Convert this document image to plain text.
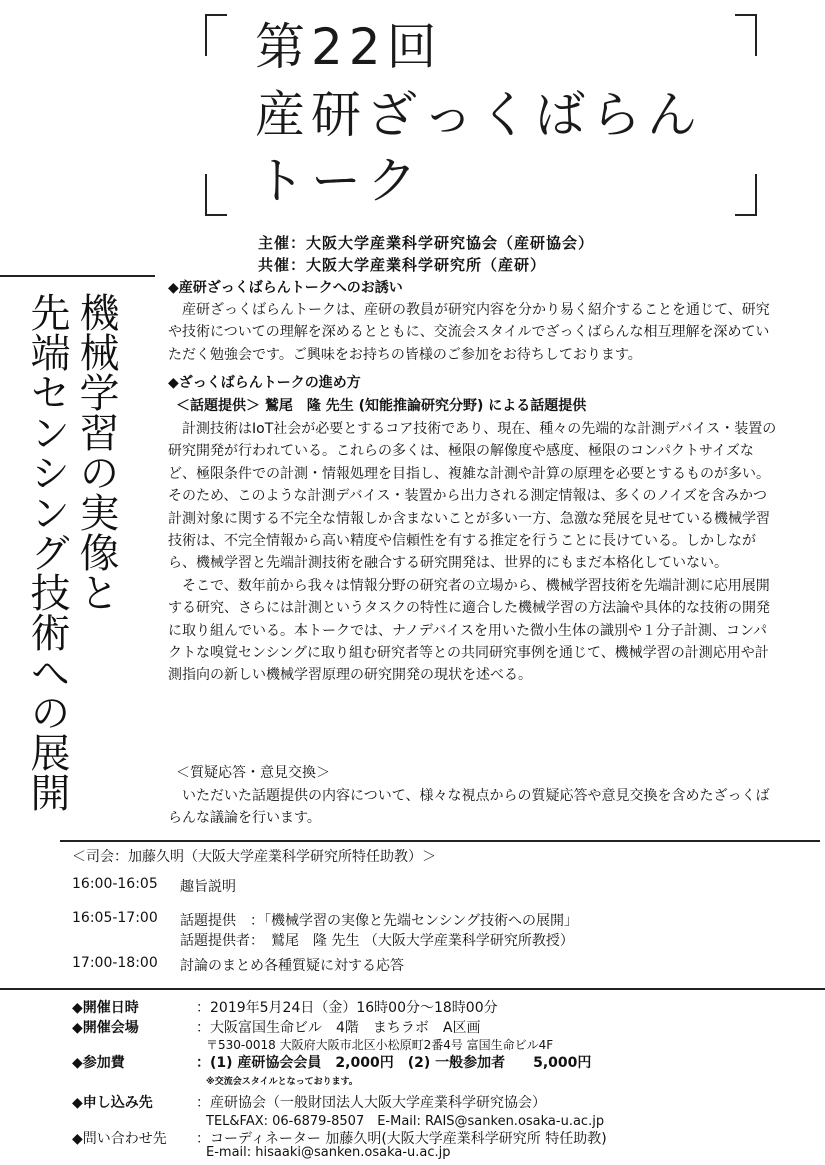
第22回
産研ざっくばらん
トーク
主催：大阪大学産業科学研究協会（産研協会）
共催：大阪大学産業科学研究所（産研）
機械学習の実像と
先端センシング技術への展開
◆産研ざっくばらんトークへのお誘い

産研ざっくばらんトークは、産研の教員が研究内容を分かり易く紹介することを通じて、研究や技術についての理解を深めるとともに、交流会スタイルでざっくばらんな相互理解を深めていただく勉強会です。ご興味をお持ちの皆様のご参加をお待ちしております。

◆ざっくばらんトークの進め方
＜話題提供＞ 鷲尾　隆 先生 (知能推論研究分野) による話題提供

計測技術はIoT社会が必要とするコア技術であり、現在、種々の先端的な計測デバイス・装置の研究開発が行われている。これらの多くは、極限の解像度や感度、極限のコンパクトサイズなど、極限条件での計測・情報処理を目指し、複雑な計測や計算の原理を必要とするものが多い。そのため、このような計測デバイス・装置から出力される測定情報は、多くのノイズを含みかつ計測対象に関する不完全な情報しか含まないことが多い一方、急激な発展を見せている機械学習技術は、不完全情報から高い精度や信頼性を有する推定を行うことに長けている。しかしながら、機械学習と先端計測技術を融合する研究開発は、世界的にもまだ本格化していない。

そこで、数年前から我々は情報分野の研究者の立場から、機械学習技術を先端計測に応用展開する研究、さらには計測というタスクの特性に適合した機械学習の方法論や具体的な技術の開発に取り組んでいる。本トークでは、ナノデバイスを用いた微小生体の識別や１分子計測、コンパクトな嗅覚センシングに取り組む研究者等との共同研究事例を通じて、機械学習の計測応用や計測指向の新しい機械学習原理の研究開発の現状を述べる。

＜質疑応答・意見交換＞

いただいた話題提供の内容について、様々な視点からの質疑応答や意見交換を含めたざっくばらんな議論を行います。

＜司会：加藤久明（大阪大学産業科学研究所特任助教）＞
16:00-16:05 趣旨説明
16:05-17:00 話題提供　：「機械学習の実像と先端センシング技術への展開」
話題提供者：　鷲尾　隆 先生 （大阪大学産業科学研究所教授）
17:00-18:00 討論のまとめ各種質疑に対する応答
◆開催日時	：2019年5月24日（金）16時00分～18時00分
◆開催会場	：大阪富国生命ビル　4階　まちラボ　A区画
〒530-0018 大阪府大阪市北区小松原町2番4号 富国生命ビル4F
◆参加費	：(1) 産研協会会員　2,000円　(2) 一般参加者　　5,000円
※交流会スタイルとなっております。
◆申し込み先	：産研協会（一般財団法人大阪大学産業科学研究協会）
TEL&FAX: 06-6879-8507　E-Mail: RAIS@sanken.osaka-u.ac.jp
◆問い合わせ先 ：コーディネーター 加藤久明(大阪大学産業科学研究所 特任助教)
E-mail: hisaaki@sanken.osaka-u.ac.jp
